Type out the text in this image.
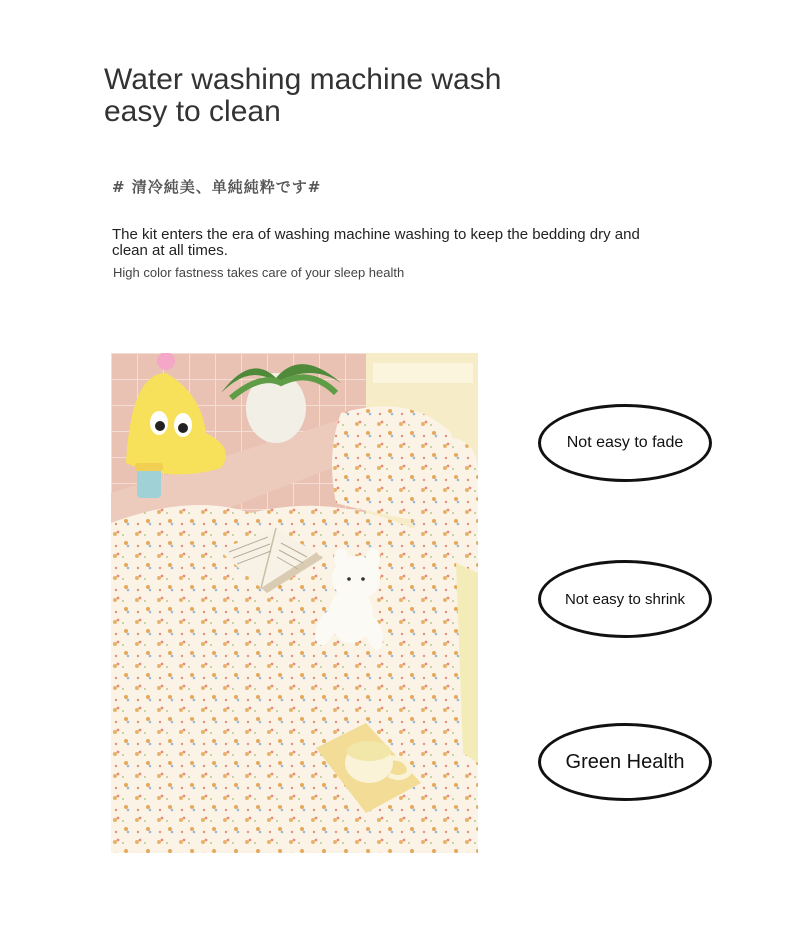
Water washing machine wash easy to clean
# 清冷純美、单純純粋です#
The kit enters the era of washing machine washing to keep the bedding dry and clean at all times.
High color fastness takes care of your sleep health
Not easy to fade
Not easy to shrink
Green Health
